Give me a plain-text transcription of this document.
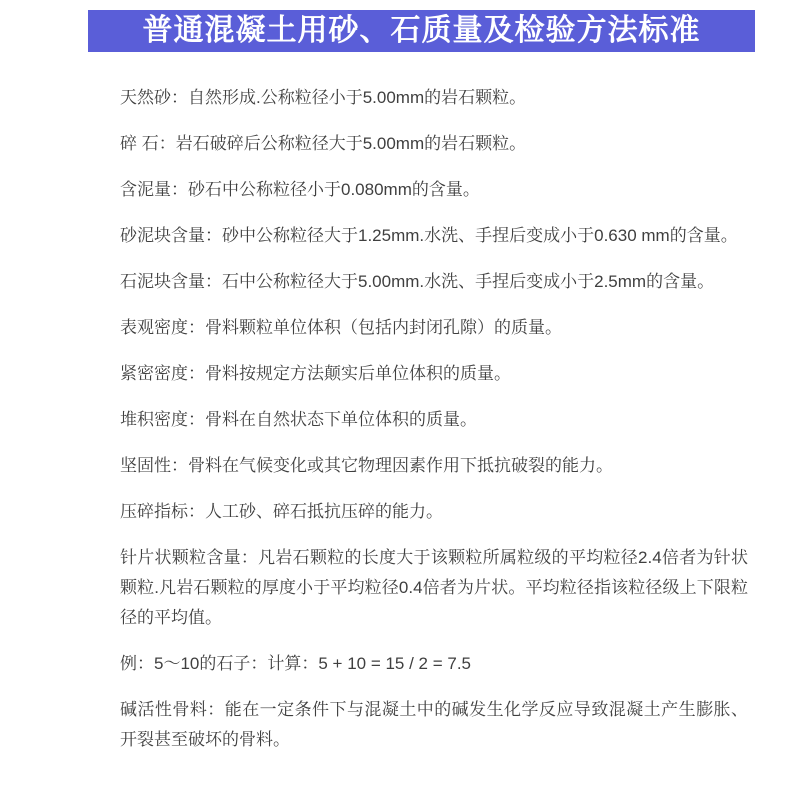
普通混凝土用砂、石质量及检验方法标准

天然砂：自然形成.公称粒径小于5.00mm的岩石颗粒。

碎 石：岩石破碎后公称粒径大于5.00mm的岩石颗粒。

含泥量：砂石中公称粒径小于0.080mm的含量。

砂泥块含量：砂中公称粒径大于1.25mm.水洗、手捏后变成小于0.630 mm的含量。

石泥块含量：石中公称粒径大于5.00mm.水洗、手捏后变成小于2.5mm的含量。

表观密度：骨料颗粒单位体积（包括内封闭孔隙）的质量。

紧密密度：骨料按规定方法颠实后单位体积的质量。

堆积密度：骨料在自然状态下单位体积的质量。

坚固性：骨料在气候变化或其它物理因素作用下抵抗破裂的能力。

压碎指标：人工砂、碎石抵抗压碎的能力。

针片状颗粒含量：凡岩石颗粒的长度大于该颗粒所属粒级的平均粒径2.4倍者为针状颗粒.凡岩石颗粒的厚度小于平均粒径0.4倍者为片状。平均粒径指该粒径级上下限粒径的平均值。

例：5～10的石子：计算：5 + 10 = 15 / 2 = 7.5

碱活性骨料：能在一定条件下与混凝土中的碱发生化学反应导致混凝土产生膨胀、开裂甚至破坏的骨料。
